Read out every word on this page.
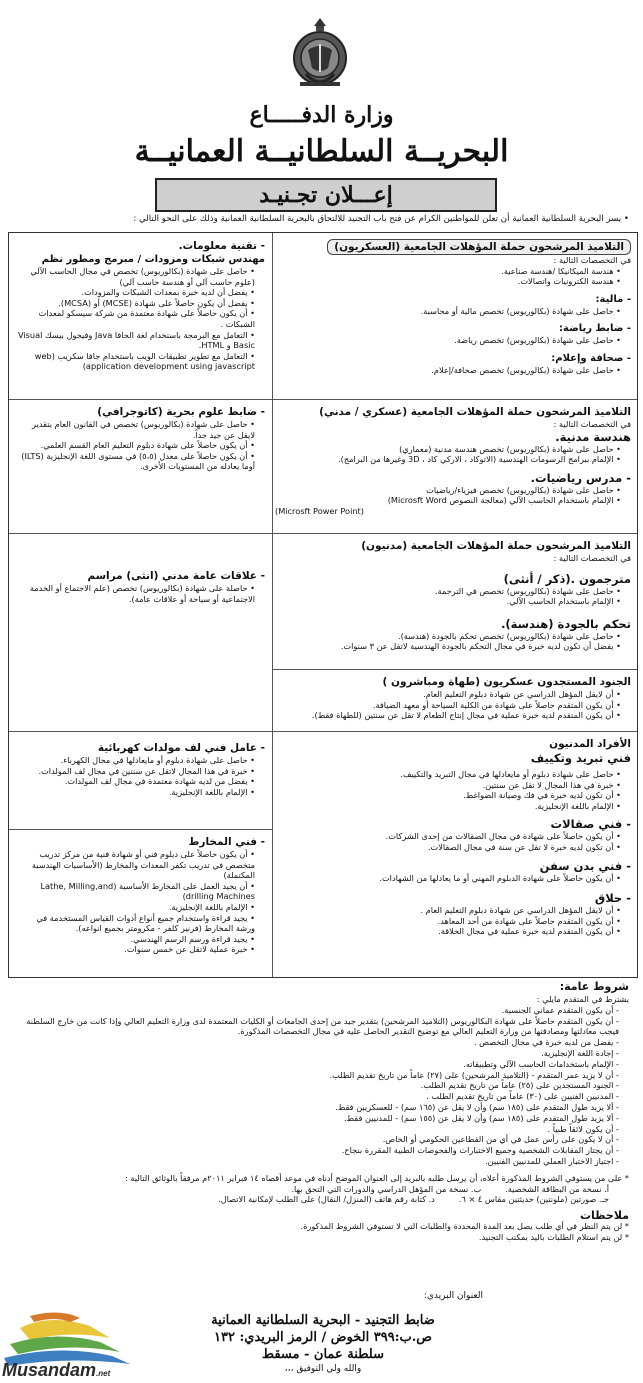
وزارة الدفـــــاع
البحريــة السلطانيــة العمانيــة
إعـــلان تجـنيـد
• يسر البحرية السلطانية العمانية أن تعلن للمواطنين الكرام عن فتح باب التجنيد للالتحاق بالبحرية السلطانية العمانية وذلك على النحو التالي :
التلاميذ المرشحون حملة المؤهلات الجامعية (العسكريون)
في التخصصات التالية :
• هندسة الميكانيكا /هندسة صناعية.
• هندسة الكترونيات واتصالات.
- مالية:
• حاصل على شهادة (بكالوريوس) تخصص مالية أو محاسبة.
- ضابط رياضة:
• حاصل على شهادة (بكالوريوس) تخصص رياضة.
- صحافة وإعلام:
• حاصل على شهادة (بكالوريوس) تخصص صحافة/إعلام.
التلاميذ المرشحون حملة المؤهلات الجامعية (عسكري / مدني)
في التخصصات التالية :
هندسة مدنية.
• حاصل على شهادة (بكالوريوس) تخصص هندسة مدنية (معماري)
• الإلمام ببرامج الرسومات الهندسية (الاتوكاد ، الاركي كاد ، 3D وغيرها من البرامج).
- مدرس رياضيات.
• حاصل على شهادة (بكالوريوس) تخصص فيزياء/رياضيات
• الإلمام باستخدام الحاسب الآلي (معالجة النصوص Microsft Word)
(Microsft Power Point)
التلاميذ المرشحون حملة المؤهلات الجامعية (مدنيون)
في التخصصات التالية :
مترجمون .(ذكر / أنثى)
• حاصل على شهادة (بكالوريوس) تخصص في الترجمة.
• الإلمام باستخدام الحاسب الآلي.
تحكم بالجودة (هندسة).
• حاصل على شهادة (بكالوريوس) تخصص تحكم بالجودة (هندسة).
• يفضل أن تكون لديه خبرة في مجال التحكم بالجودة الهندسية لاتقل عن ٣ سنوات.
الجنود المستجدون عسكريون (طهاة ومباشرون )
• أن لايقل المؤهل الدراسي عن شهادة دبلوم التعليم العام.
• أن يكون المتقدم حاصلاً على شهادة من الكلية السياحة أو معهد الضيافة.
• أن يكون المتقدم لديه خبرة عملية في مجال إنتاج الطعام لا تقل عن سنتين (للطهاة فقط).
الأفراد المدنيون
فني تبريد وتكييف
• حاصل على شهادة دبلوم أو مايعادلها في مجال التبريد والتكييف.
• خبرة في هذا المجال لا تقل عن سنتين.
• أن تكون لديه خبرة في فك وصيانة الضواغط.
• الإلمام باللغة الإنجليزية.
- فني صقالات
• أن يكون حاصلاً على شهادة في مجال الصقالات من إحدى الشركات.
• أن تكون لديه خبرة لا تقل عن سنة في مجال الصقالات.
- فني بدن سفن
• أن يكون حاصلاً على شهادة الدبلوم المهني أو ما يعادلها من الشهادات.
- حلاق
• أن لايقل المؤهل الدراسي عن شهادة دبلوم التعليم العام .
• أن يكون المتقدم حاصلاً على شهادة من أحد المعاهد.
• أن يكون المتقدم لديه خبرة عملية في مجال الحلاقة.
- تقنية معلومات.
مهندس شبكات ومزودات / مبرمج ومطور نظم
• حاصل على شهادة (بكالوريوس) تخصص في مجال الحاسب الآلي (علوم حاسب آلي أو هندسة حاسب آلي)
• يفضل أن لديه خبرة بمعدات الشبكات والمزودات.
• يفضل أن يكون حاصلاً على شهادة (MCSE) أو (MCSA).
• أن يكون حاصلاً على شهادة معتمدة من شركة سيسكو لمعدات الشبكات .
• التعامل مع البرمجة باستخدام لغة الجافا Java وفيجول بيسك Visual Basic و HTML.
• التعامل مع تطوير تطبيقات الويب باستخدام جافا سكريب (web application development using javascript)
- ضابط علوم بحرية (كاتوجرافي)
• حاصل على شهادة (بكالوريوس) تخصص في القانون العام بتقدير لايقل عن جيد جداً.
• أن يكون حاصلاً على شهادة دبلوم التعليم العام القسم العلمي.
• أن يكون حاصلاً على معدل (٥،٥) في مستوى اللغة الإنجليزية (ILTS) أوما يعادله من المستويات الأخرى.
- علاقات عامة مدني (انثى) مراسم
• حاصلة على شهادة (بكالوريوس) تخصص (علم الاجتماع أو الخدمة الاجتماعية أو سياحة أو علاقات عامة).
- عامل فني لف مولدات كهربائية
• حاصل على شهادة دبلوم أو مايعادلها في مجال الكهرباء.
• خبرة في هذا المجال لاتقل عن سنتين في مجال لف المولدات.
• يفضل من لديه شهادة معتمدة في مجال لف المولدات.
• الإلمام باللغة الإنجليزية.
- فني المخارط
• أن يكون حاصلاً على دبلوم فني أو شهادة فنية من مركز تدريب متخصص في تدريب تكفر المعدات والمخارط (الأساسيات الهندسية المكتملة)
• أن يجيد العمل على المخارط الأساسية (Lathe, Milling,and drilling Machines)
• الإلمام باللغة الإنجليزية.
• يجيد قراءة واستخدام جميع أنواع أدوات القياس المستخدمة في ورشة المخارط (فرنير كلفر - مكرومتر بجميع انواعه).
• يجيد قراءة ورسم الرسم الهندسي.
• خبرة عملية لاتقل عن خمس سنوات.
شروط عامة:
يشترط في المتقدم مايلي :
- أن يكون المتقدم عماني الجنسية.
- أن يكون المتقدم حاصلاً على شهادة البكالوريوس (التلاميذ المرشحين) بتقدير جيد من إحدى الجامعات أو الكليات المعتمدة لدى وزارة التعليم العالي وإذا كانت من خارج السلطنة فيجب معادلتها ومصادقتها من وزارة التعليم العالي مع توضيح التقدير الحاصل عليه في مجال التخصصات المذكورة.
- يفضل من لديه خبرة في مجال التخصص .
- إجادة اللغة الإنجليزية.
- الإلمام باستخدامات الحاسب الآلي وتطبيقاته.
- أن لا يزيد عمر المتقدم - (التلاميذ المرشحين) على (٢٧) عاماً من تاريخ تقديم الطلب.
- الجنود المستجدين على (٢٥) عاماً من تاريخ تقديم الطلب.
- المدنيين الفنيين على (٣٠) عاماً من تاريخ تقديم الطلب .
- ألا يزيد طول المتقدم على (١٨٥ سم) وأن لا يقل عن (١٦٥ سم) - للعسكريين فقط.
- ألا يزيد طول المتقدم على (١٨٥ سم) وأن لا يقل عن (١٥٥ سم) - للمدنيين فقط.
- أن يكون لائقاً طبياً .
- أن لا يكون على رأس عمل في أي من القطاعين الحكومي أو الخاص.
- أن يجتاز المقابلات الشخصية وجميع الاختبارات والفحوصات الطبية المقررة بنجاح.
- اجتياز الاختبار العملي للمدنيين الفنيين.
* على من يستوفي الشروط المذكورة أعلاه، أن يرسل طلبه بالبريد إلى العنوان الموضح أدناه في موعد أقصاه ١٤ فبراير ٢٠١١م مرفقاً بالوثائق التالية :
أ. نسخة من البطاقة الشخصية.
ب. نسخة من المؤهل الدراسي والدورات التي التحق بها.
جـ. صورتين (ملونتين) حديثتين مقاس ٤ × ٦.
د. كتابة رقم هاتف (المنزل/ النقال) على الطلب لإمكانية الاتصال.
ملاحظات
* لن يتم النظر في أي طلب يصل بعد المدة المحددة والطلبات التي لا تستوفي الشروط المذكورة.
* لن يتم استلام الطلبات باليد بمكتب التجنيد.
العنوان البريدي:
ضابط التجنيد - البحرية السلطانية العمانية
ص.ب:٣٩٩ الخوض / الرمز البريدي: ١٣٢
سلطنة عمان - مسقط
والله ولي التوفيق ،،،
Musandam.net
